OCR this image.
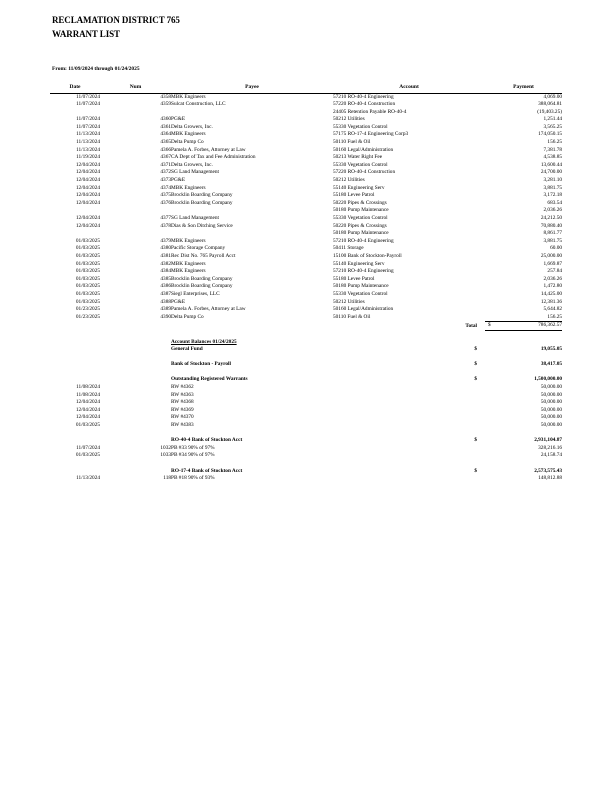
RECLAMATION DISTRICT 765
WARRANT LIST
From: 11/09/2024 through 01/24/2025
Date	Num	Payee	Account	Payment
11/07/2024	4358	MBK Engineers	57210 RO-40-4 Engineering	4,069.00
11/07/2024	4359	Sulcat Construction, LLC	57220 RO-40-4 Construction	388,064.81
			24405 Retention Payable RO-40-4	(19,403.25)
11/07/2024	4360	PG&E	50212 Utilities	1,251.44
11/07/2024	4361	Delta Growers, Inc.	55330 Vegetation Control	3,565.25
11/13/2024	4364	MBK Engineers	57175 RO-17-4 Engineering Corp3	174,050.15
11/13/2024	4365	Delta Pump Co	50110 Fuel & Oil	156.25
11/13/2024	4366	Pamela A. Forbes, Attorney at Law	50160 Legal/Administration	7,381.78
11/19/2024	4367	CA Dept of Tax and Fee Administration	50213 Water Right Fee	4,538.85
12/04/2024	4371	Delta Growers, Inc.	55330 Vegetation Control	13,600.44
12/04/2024	4372	SG Land Management	57220 RO-40-4 Construction	24,700.00
12/04/2024	4373	PG&E	50212 Utilities	3,281.10
12/04/2024	4374	MBK Engineers	55140 Engineering Serv	3,881.75
12/04/2024	4375	Brocklin Boarding Company	55180 Levee Patrol	3,172.18
12/04/2024	4376	Brocklin Boarding Company	50220 Pipes & Crossings	683.54
			50180 Pump Maintenance	2,036.26
12/04/2024	4377	SG Land Management	55330 Vegetation Control	24,212.50
12/04/2024	4378	Dias & Son Ditching Service	50220 Pipes & Crossings	70,880.40
			50180 Pump Maintenance	8,861.77
01/03/2025	4379	MBK Engineers	57210 RO-40-4 Engineering	3,881.75
01/03/2025	4380	Pacific Storage Company	50411 Storage	60.00
01/03/2025	4381	Rec Dist No. 765 Payroll Acct	15100 Bank of Stockton-Payroll	25,000.00
01/03/2025	4382	MBK Engineers	55140 Engineering Serv	1,669.87
01/03/2025	4384	MBK Engineers	57210 RO-40-4 Engineering	257.84
01/03/2025	4385	Brocklin Boarding Company	55180 Levee Patrol	2,036.26
01/03/2025	4386	Brocklin Boarding Company	50180 Pump Maintenance	1,472.80
01/03/2025	4387	Siegl Enterprises, LLC	55330 Vegetation Control	14,425.00
01/03/2025	4388	PG&E	50212 Utilities	12,381.36
01/23/2025	4389	Pamela A. Forbes, Attorney at Law	50160 Legal/Administration	5,644.82
01/23/2025	4390	Delta Pump Co	50110 Fuel & Oil	156.25
			Total	$ 786,362.57

		Account Balances 01/24/2025		
		General Fund	$	19,055.05

		Bank of Stockton - Payroll	$	38,417.05

		Outstanding Registered Warrants	$	1,500,000.00
11/08/2024		RW #4362		50,000.00
11/08/2024		RW #4363		50,000.00
12/04/2024		RW #4368		50,000.00
12/04/2024		RW #4369		50,000.00
12/04/2024		RW #4370		50,000.00
01/03/2025		RW #4383		50,000.00

		RO-40-4 Bank of Stockton Acct	$	2,931,104.87
11/07/2024	1032	PB #33 90% of 97%		328,216.16
01/03/2025	1033	PB #34 90% of 97%		24,158.74

		RO-17-4 Bank of Stockton Acct	$	2,573,575.43
11/13/2024	118	PB #18 90% of 93%		148,812.88
